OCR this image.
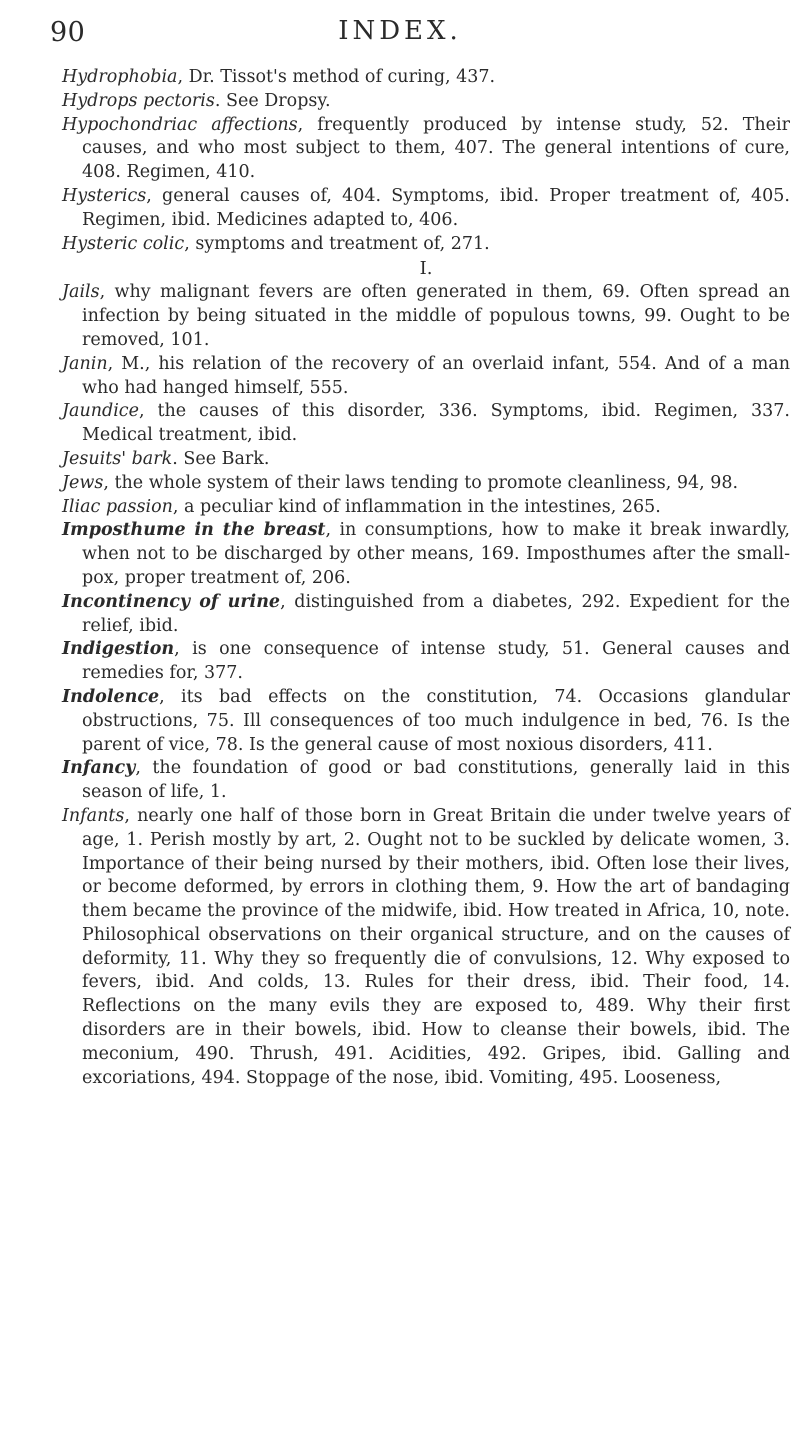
90	INDEX.

Hydrophobia, Dr. Tissot's method of curing, 437.

Hydrops pectoris. See Dropsy.

Hypochondriac affections, frequently produced by intense study, 52. Their causes, and who most subject to them, 407. The general intentions of cure, 408. Regimen, 410.

Hysterics, general causes of, 404. Symptoms, ibid. Proper treatment of, 405. Regimen, ibid. Medicines adapted to, 406.

Hysteric colic, symptoms and treatment of, 271.

I.

Jails, why malignant fevers are often generated in them, 69. Often spread an infection by being situated in the middle of populous towns, 99. Ought to be removed, 101.

Janin, M., his relation of the recovery of an overlaid infant, 554. And of a man who had hanged himself, 555.

Jaundice, the causes of this disorder, 336. Symptoms, ibid. Regimen, 337. Medical treatment, ibid.

Jesuits' bark. See Bark.

Jews, the whole system of their laws tending to promote cleanliness, 94, 98.

Iliac passion, a peculiar kind of inflammation in the intestines, 265.

Imposthume in the breast, in consumptions, how to make it break inwardly, when not to be discharged by other means, 169. Imposthumes after the small-pox, proper treatment of, 206.

Incontinency of urine, distinguished from a diabetes, 292. Expedient for the relief, ibid.

Indigestion, is one consequence of intense study, 51. General causes and remedies for, 377.

Indolence, its bad effects on the constitution, 74. Occasions glandular obstructions, 75. Ill consequences of too much indulgence in bed, 76. Is the parent of vice, 78. Is the general cause of most noxious disorders, 411.

Infancy, the foundation of good or bad constitutions, generally laid in this season of life, 1.

Infants, nearly one half of those born in Great Britain die under twelve years of age, 1. Perish mostly by art, 2. Ought not to be suckled by delicate women, 3. Importance of their being nursed by their mothers, ibid. Often lose their lives, or become deformed, by errors in clothing them, 9. How the art of bandaging them became the province of the midwife, ibid. How treated in Africa, 10, note. Philosophical observations on their organical structure, and on the causes of deformity, 11. Why they so frequently die of convulsions, 12. Why exposed to fevers, ibid. And colds, 13. Rules for their dress, ibid. Their food, 14. Reflections on the many evils they are exposed to, 489. Why their first disorders are in their bowels, ibid. How to cleanse their bowels, ibid. The meconium, 490. Thrush, 491. Acidities, 492. Gripes, ibid. Galling and excoriations, 494. Stoppage of the nose, ibid. Vomiting, 495. Looseness,
